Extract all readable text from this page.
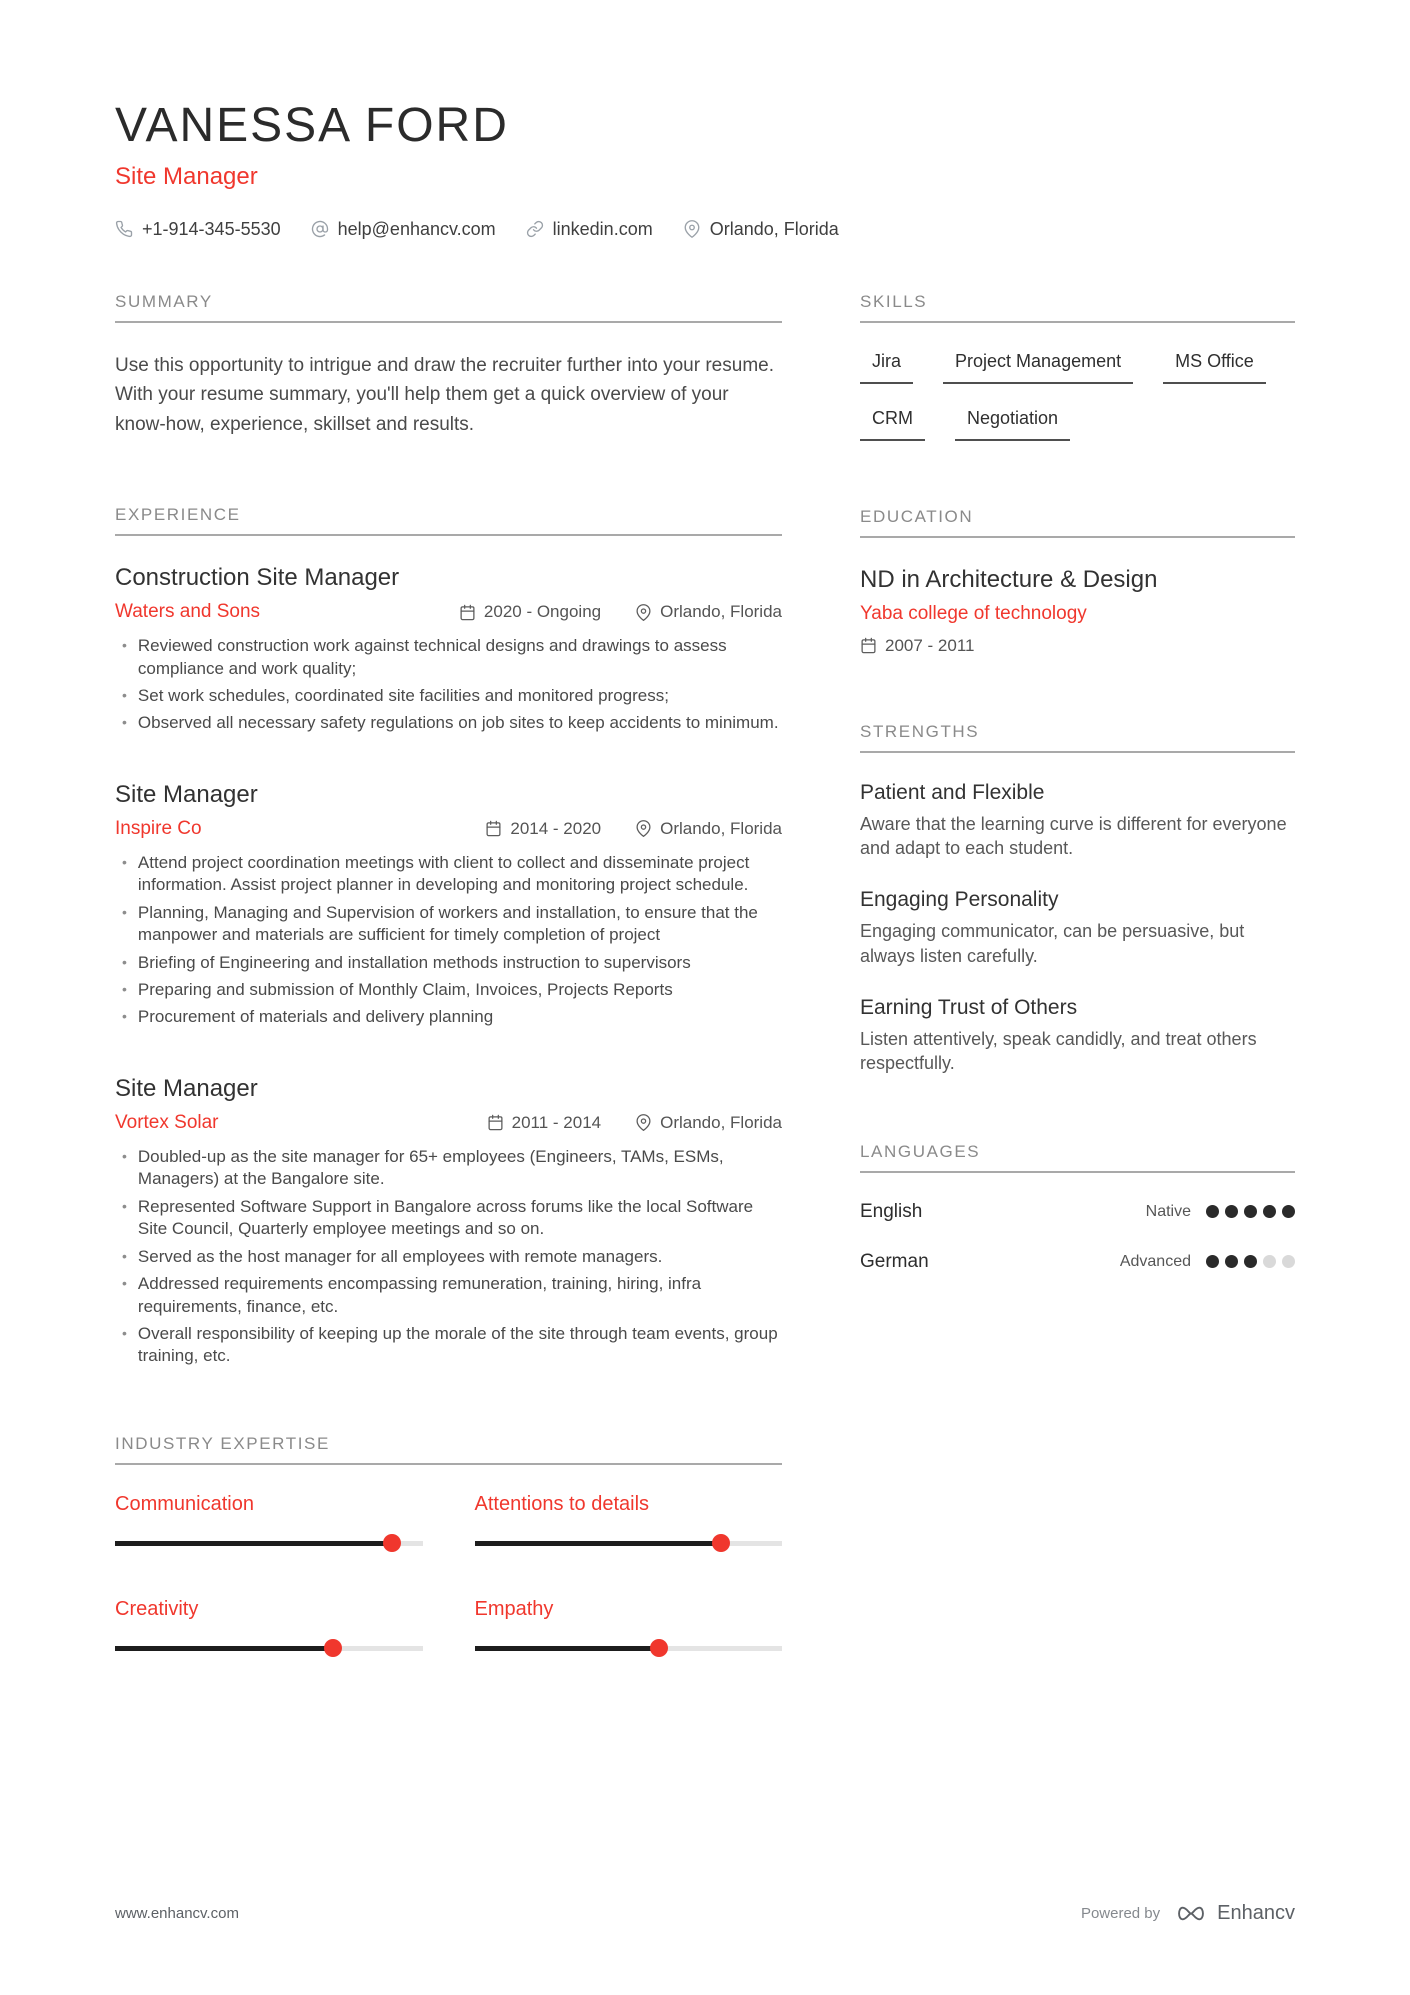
VANESSA FORD
Site Manager
+1-914-345-5530	help@enhancv.com	linkedin.com	Orlando, Florida
SUMMARY

Use this opportunity to intrigue and draw the recruiter further into your resume. With your resume summary, you'll help them get a quick overview of your know-how, experience, skillset and results.

EXPERIENCE
Construction Site Manager
Waters and Sons	2020 - Ongoing	Orlando, Florida
• Reviewed construction work against technical designs and drawings to assess compliance and work quality;
• Set work schedules, coordinated site facilities and monitored progress;
• Observed all necessary safety regulations on job sites to keep accidents to minimum.
Site Manager
Inspire Co	2014 - 2020	Orlando, Florida
• Attend project coordination meetings with client to collect and disseminate project information. Assist project planner in developing and monitoring project schedule.
• Planning, Managing and Supervision of workers and installation, to ensure that the manpower and materials are sufficient for timely completion of project
• Briefing of Engineering and installation methods instruction to supervisors
• Preparing and submission of Monthly Claim, Invoices, Projects Reports
• Procurement of materials and delivery planning
Site Manager
Vortex Solar	2011 - 2014	Orlando, Florida
• Doubled-up as the site manager for 65+ employees (Engineers, TAMs, ESMs, Managers) at the Bangalore site.
• Represented Software Support in Bangalore across forums like the local Software Site Council, Quarterly employee meetings and so on.
• Served as the host manager for all employees with remote managers.
• Addressed requirements encompassing remuneration, training, hiring, infra requirements, finance, etc.
• Overall responsibility of keeping up the morale of the site through team events, group training, etc.
INDUSTRY EXPERTISE
Communication	Attentions to details
Creativity	Empathy
SKILLS
Jira	Project Management	MS Office
CRM	Negotiation
EDUCATION
ND in Architecture & Design
Yaba college of technology
2007 - 2011
STRENGTHS
Patient and Flexible
Aware that the learning curve is different for everyone and adapt to each student.
Engaging Personality
Engaging communicator, can be persuasive, but always listen carefully.
Earning Trust of Others
Listen attentively, speak candidly, and treat others respectfully.
LANGUAGES
English	Native
German	Advanced
www.enhancv.com	Powered by	Enhancv
